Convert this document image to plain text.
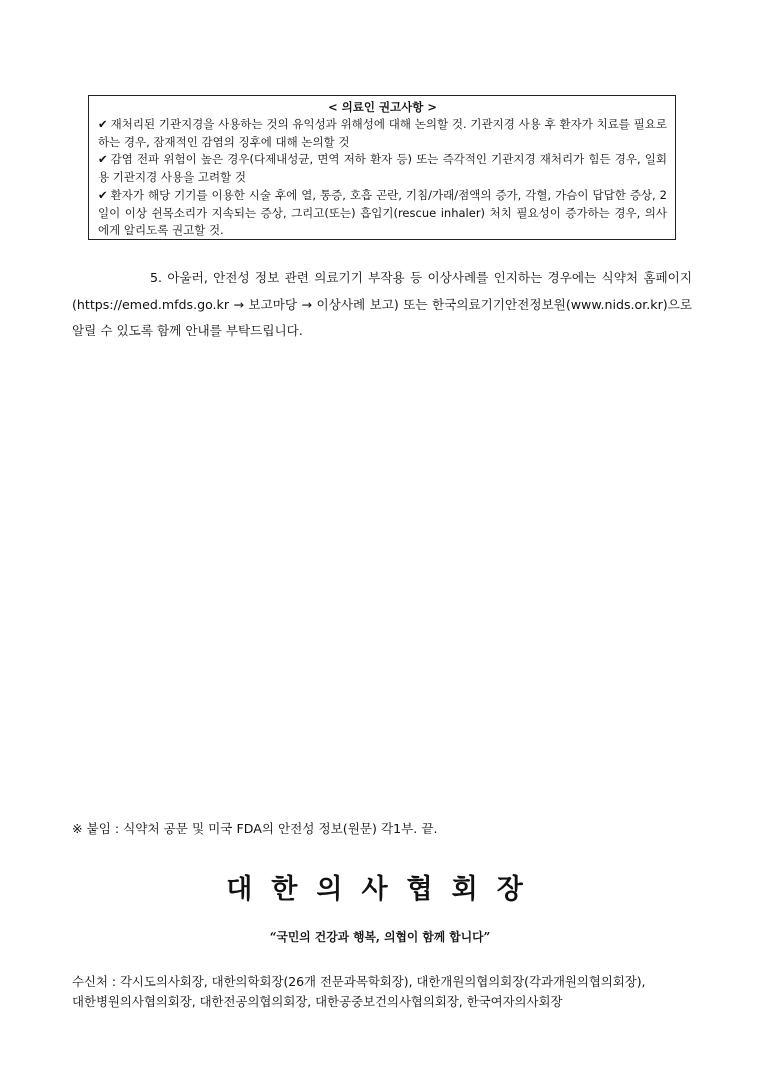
< 의료인 권고사항 >
✔ 재처리된 기관지경을 사용하는 것의 유익성과 위해성에 대해 논의할 것. 기관지경 사용 후 환자가 치료를 필요로 하는 경우, 잠재적인 감염의 징후에 대해 논의할 것
✔ 감염 전파 위험이 높은 경우(다제내성균, 면역 저하 환자 등) 또는 즉각적인 기관지경 재처리가 힘든 경우, 일회용 기관지경 사용을 고려할 것
✔ 환자가 해당 기기를 이용한 시술 후에 열, 통증, 호흡 곤란, 기침/가래/점액의 증가, 각혈, 가슴이 답답한 증상, 2일이 이상 쉰목소리가 지속되는 증상, 그리고(또는) 흡입기(rescue inhaler) 처치 필요성이 증가하는 경우, 의사에게 알리도록 권고할 것.
5. 아울러, 안전성 정보 관련 의료기기 부작용 등 이상사례를 인지하는 경우에는 식약처 홈페이지(https://emed.mfds.go.kr → 보고마당 → 이상사례 보고) 또는 한국의료기기안전정보원(www.nids.or.kr)으로 알릴 수 있도록 함께 안내를 부탁드립니다.
※ 붙임 : 식약처 공문 및 미국 FDA의 안전성 정보(원문) 각1부. 끝.
대한의사협회장
“국민의 건강과 행복, 의협이 함께 합니다”
수신처 : 각시도의사회장, 대한의학회장(26개 전문과목학회장), 대한개원의협의회장(각과개원의협의회장),
대한병원의사협의회장, 대한전공의협의회장, 대한공중보건의사협의회장, 한국여자의사회장
